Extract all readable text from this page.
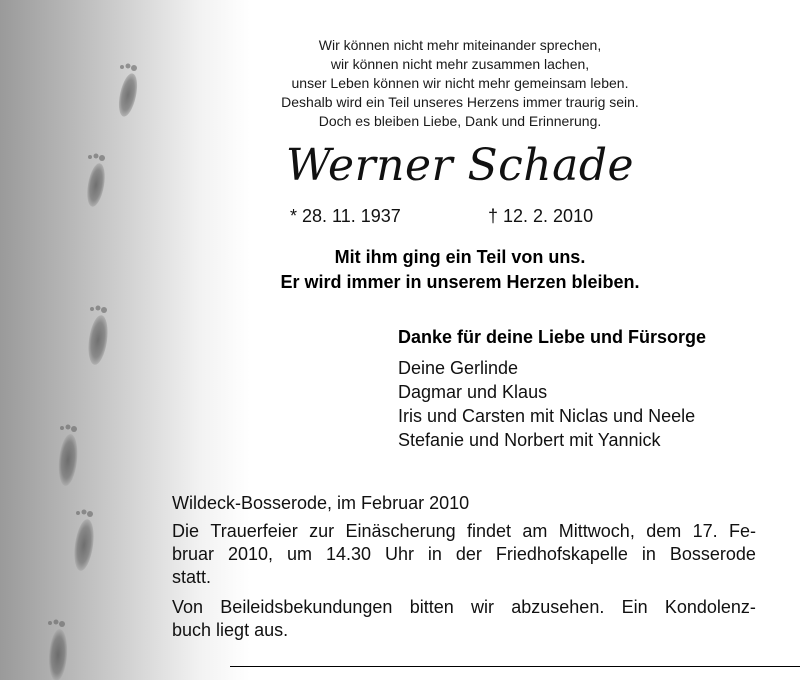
Wir können nicht mehr miteinander sprechen,
wir können nicht mehr zusammen lachen,
unser Leben können wir nicht mehr gemeinsam leben.
Deshalb wird ein Teil unseres Herzens immer traurig sein.
Doch es bleiben Liebe, Dank und Erinnerung.
Werner Schade
* 28. 11. 1937	† 12. 2. 2010
Mit ihm ging ein Teil von uns.
Er wird immer in unserem Herzen bleiben.
Danke für deine Liebe und Fürsorge
Deine Gerlinde
Dagmar und Klaus
Iris und Carsten mit Niclas und Neele
Stefanie und Norbert mit Yannick
Wildeck-Bosserode, im Februar 2010
Die Trauerfeier zur Einäscherung findet am Mittwoch, dem 17. Fe-
bruar 2010, um 14.30 Uhr in der Friedhofskapelle in Bosserode
statt.
Von Beileidsbekundungen bitten wir abzusehen. Ein Kondolenz-
buch liegt aus.
